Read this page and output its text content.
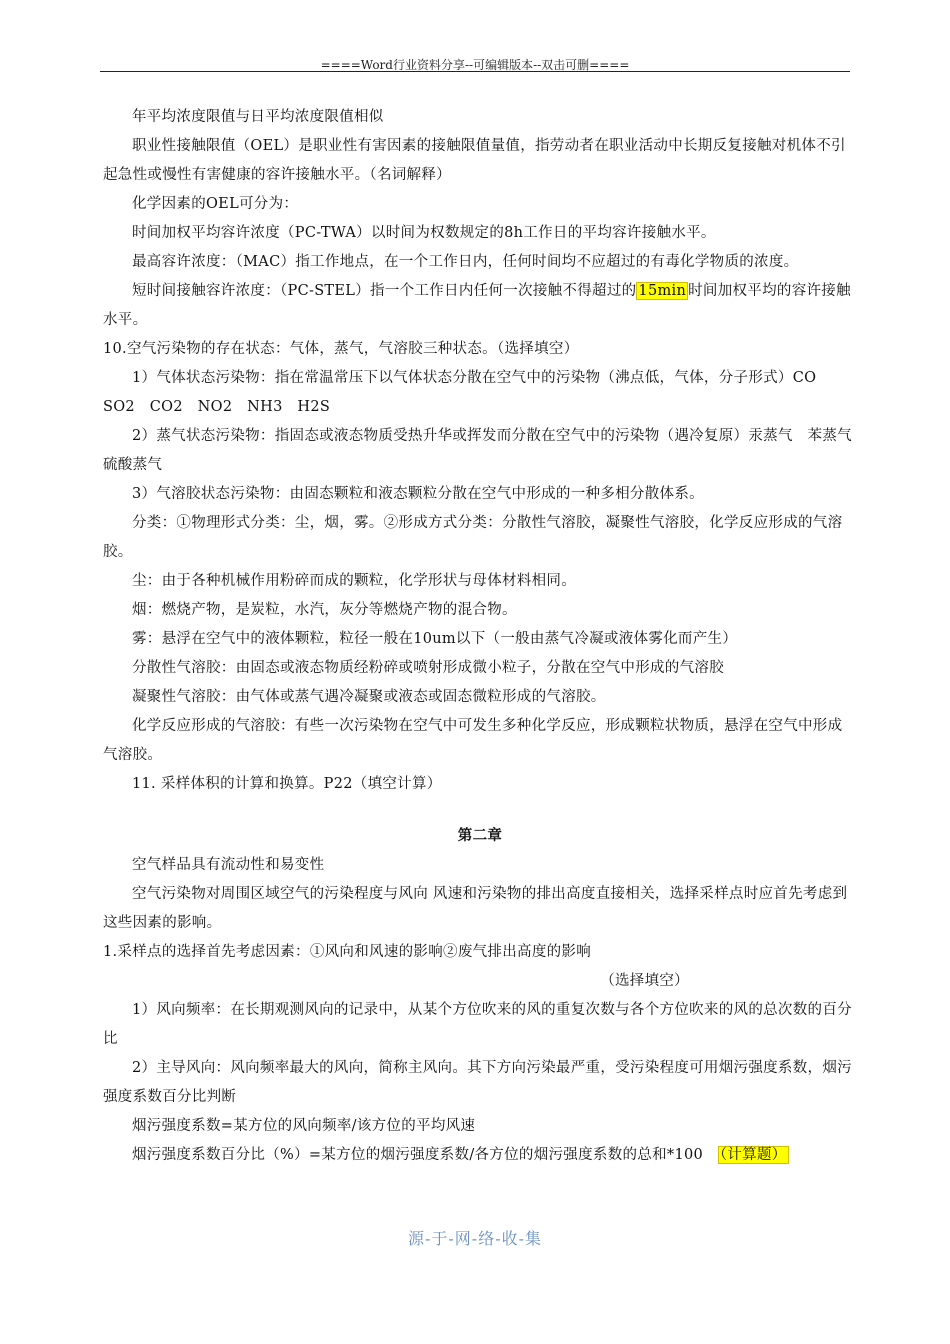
====Word行业资料分享--可编辑版本--双击可删====

年平均浓度限值与日平均浓度限值相似

职业性接触限值（OEL）是职业性有害因素的接触限值量值，指劳动者在职业活动中长期反复接触对机体不引起急性或慢性有害健康的容许接触水平。（名词解释）

化学因素的OEL可分为：

时间加权平均容许浓度（PC-TWA）以时间为权数规定的8h工作日的平均容许接触水平。

最高容许浓度：（MAC）指工作地点，在一个工作日内，任何时间均不应超过的有毒化学物质的浓度。

短时间接触容许浓度：（PC-STEL）指一个工作日内任何一次接触不得超过的 15min 时间加权平均的容许接触水平。

10.空气污染物的存在状态：气体，蒸气，气溶胶三种状态。（选择填空）

1）气体状态污染物：指在常温常压下以气体状态分散在空气中的污染物（沸点低，气体，分子形式）CO　SO2　CO2　NO2　NH3　H2S

2）蒸气状态污染物：指固态或液态物质受热升华或挥发而分散在空气中的污染物（遇冷复原）汞蒸气　苯蒸气　硫酸蒸气

3）气溶胶状态污染物：由固态颗粒和液态颗粒分散在空气中形成的一种多相分散体系。

分类：①物理形式分类：尘，烟，雾。②形成方式分类：分散性气溶胶，凝聚性气溶胶，化学反应形成的气溶胶。

尘：由于各种机械作用粉碎而成的颗粒，化学形状与母体材料相同。

烟：燃烧产物，是炭粒，水汽，灰分等燃烧产物的混合物。

雾：悬浮在空气中的液体颗粒，粒径一般在10um以下（一般由蒸气冷凝或液体雾化而产生）

分散性气溶胶：由固态或液态物质经粉碎或喷射形成微小粒子，分散在空气中形成的气溶胶

凝聚性气溶胶：由气体或蒸气遇冷凝聚或液态或固态微粒形成的气溶胶。

化学反应形成的气溶胶：有些一次污染物在空气中可发生多种化学反应，形成颗粒状物质，悬浮在空气中形成气溶胶。

11. 采样体积的计算和换算。P22（填空计算）

第二章

空气样品具有流动性和易变性

空气污染物对周围区域空气的污染程度与风向 风速和污染物的排出高度直接相关，选择采样点时应首先考虑到这些因素的影响。

1.采样点的选择首先考虑因素：①风向和风速的影响②废气排出高度的影响

（选择填空）

1）风向频率：在长期观测风向的记录中，从某个方位吹来的风的重复次数与各个方位吹来的风的总次数的百分比

2）主导风向：风向频率最大的风向，简称主风向。其下方向污染最严重，受污染程度可用烟污强度系数，烟污强度系数百分比判断

烟污强度系数=某方位的风向频率/该方位的平均风速

烟污强度系数百分比（%）=某方位的烟污强度系数/各方位的烟污强度系数的总和*100　（计算题）

源-于-网-络-收-集
